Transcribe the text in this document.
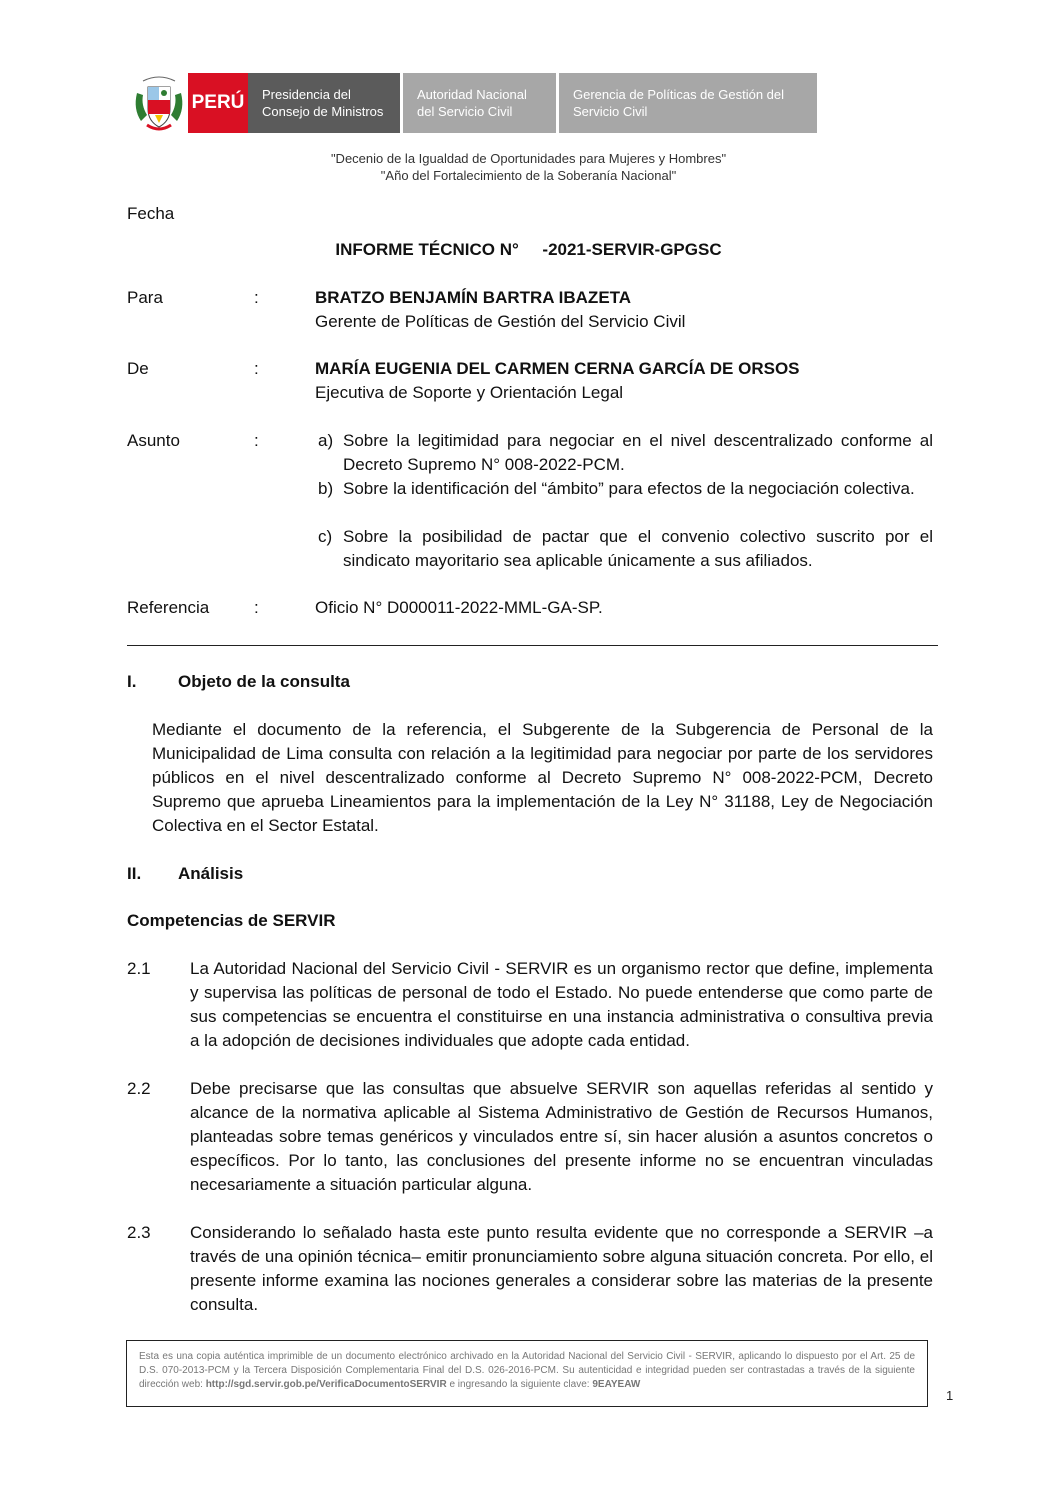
PERÚ Presidencia del
Consejo de Ministros
Autoridad Nacional
del Servicio Civil
Gerencia de Políticas de Gestión del
Servicio Civil
"Decenio de la Igualdad de Oportunidades para Mujeres y Hombres"
"Año del Fortalecimiento de la Soberanía Nacional"
Fecha
INFORME TÉCNICO N°     -2021-SERVIR-GPGSC
Para	:	BRATZO BENJAMÍN BARTRA IBAZETA
Gerente de Políticas de Gestión del Servicio Civil
De	:	MARÍA EUGENIA DEL CARMEN CERNA GARCÍA DE ORSOS
Ejecutiva de Soporte y Orientación Legal
Asunto	:	a) Sobre la legitimidad para negociar en el nivel descentralizado conforme al Decreto Supremo N° 008-2022-PCM.
b) Sobre la identificación del “ámbito” para efectos de la negociación colectiva.
c) Sobre la posibilidad de pactar que el convenio colectivo suscrito por el sindicato mayoritario sea aplicable únicamente a sus afiliados.
Referencia	:	Oficio N° D000011-2022-MML-GA-SP.
I. Objeto de la consulta
Mediante el documento de la referencia, el Subgerente de la Subgerencia de Personal de la Municipalidad de Lima consulta con relación a la legitimidad para negociar por parte de los servidores públicos en el nivel descentralizado conforme al Decreto Supremo N° 008-2022-PCM, Decreto Supremo que aprueba Lineamientos para la implementación de la Ley N° 31188, Ley de Negociación Colectiva en el Sector Estatal.
II. Análisis
Competencias de SERVIR
2.1 La Autoridad Nacional del Servicio Civil - SERVIR es un organismo rector que define, implementa y supervisa las políticas de personal de todo el Estado. No puede entenderse que como parte de sus competencias se encuentra el constituirse en una instancia administrativa o consultiva previa a la adopción de decisiones individuales que adopte cada entidad.
2.2 Debe precisarse que las consultas que absuelve SERVIR son aquellas referidas al sentido y alcance de la normativa aplicable al Sistema Administrativo de Gestión de Recursos Humanos, planteadas sobre temas genéricos y vinculados entre sí, sin hacer alusión a asuntos concretos o específicos. Por lo tanto, las conclusiones del presente informe no se encuentran vinculadas necesariamente a situación particular alguna.
2.3 Considerando lo señalado hasta este punto resulta evidente que no corresponde a SERVIR –a través de una opinión técnica– emitir pronunciamiento sobre alguna situación concreta. Por ello, el presente informe examina las nociones generales a considerar sobre las materias de la presente consulta.
Esta es una copia auténtica imprimible de un documento electrónico archivado en la Autoridad Nacional del Servicio Civil - SERVIR, aplicando lo dispuesto por el Art. 25 de D.S. 070-2013-PCM y la Tercera Disposición Complementaria Final del D.S. 026-2016-PCM. Su autenticidad e integridad pueden ser contrastadas a través de la siguiente dirección web: http://sgd.servir.gob.pe/VerificaDocumentoSERVIR e ingresando la siguiente clave: 9EAYEAW
1
